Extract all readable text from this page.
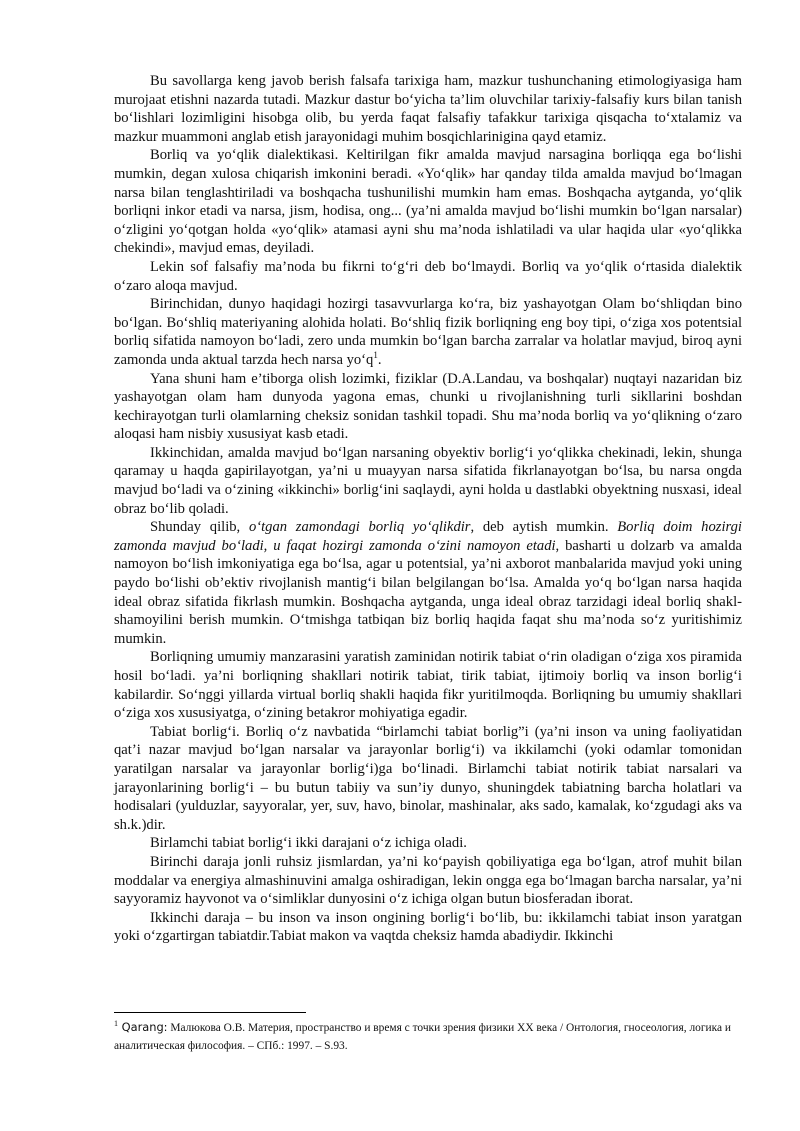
Bu savollarga keng javob berish falsafa tarixiga ham, mazkur tushunchaning etimologiyasiga ham murojaat etishni nazarda tutadi. Mazkur dastur bo‘yicha ta’lim oluvchilar tarixiy-falsafiy kurs bilan tanish bo‘lishlari lozimligini hisobga olib, bu yerda faqat falsafiy tafakkur tarixiga qisqacha to‘xtalamiz va mazkur muammoni anglab etish jarayonidagi muhim bosqichlarinigina qayd etamiz.

Borliq va yo‘qlik dialektikasi. Keltirilgan fikr amalda mavjud narsagina borliqqa ega bo‘lishi mumkin, degan xulosa chiqarish imkonini beradi. «Yo‘qlik» har qanday tilda amalda mavjud bo‘lmagan narsa bilan tenglashtiriladi va boshqacha tushunilishi mumkin ham emas. Boshqacha aytganda, yo‘qlik borliqni inkor etadi va narsa, jism, hodisa, ong... (ya’ni amalda mavjud bo‘lishi mumkin bo‘lgan narsalar) o‘zligini yo‘qotgan holda «yo‘qlik» atamasi ayni shu ma’noda ishlatiladi va ular haqida ular «yo‘qlikka chekindi», mavjud emas, deyiladi.

Lekin sof falsafiy ma’noda bu fikrni to‘g‘ri deb bo‘lmaydi. Borliq va yo‘qlik o‘rtasida dialektik o‘zaro aloqa mavjud.

Birinchidan, dunyo haqidagi hozirgi tasavvurlarga ko‘ra, biz yashayotgan Olam bo‘shliqdan bino bo‘lgan. Bo‘shliq materiyaning alohida holati. Bo‘shliq fizik borliqning eng boy tipi, o‘ziga xos potentsial borliq sifatida namoyon bo‘ladi, zero unda mumkin bo‘lgan barcha zarralar va holatlar mavjud, biroq ayni zamonda unda aktual tarzda hech narsa $yo‘q^1$.

Yana shuni ham e’tiborga olish lozimki, fiziklar (D.A.Landau, va boshqalar) nuqtayi nazaridan biz yashayotgan olam ham dunyoda yagona emas, chunki u rivojlanishning turli sikllarini boshdan kechirayotgan turli olamlarning cheksiz sonidan tashkil topadi. Shu ma’noda borliq va yo‘qlikning o‘zaro aloqasi ham nisbiy xususiyat kasb etadi.

Ikkinchidan, amalda mavjud bo‘lgan narsaning obyektiv borlig‘i yo‘qlikka chekinadi, lekin, shunga qaramay u haqda gapirilayotgan, ya’ni u muayyan narsa sifatida fikrlanayotgan bo‘lsa, bu narsa ongda mavjud bo‘ladi va o‘zining «ikkinchi» borlig‘ini saqlaydi, ayni holda u dastlabki obyektning nusxasi, ideal obraz bo‘lib qoladi.

Shunday qilib, o‘tgan zamondagi borliq yo‘qlikdir, deb aytish mumkin. Borliq doim hozirgi zamonda mavjud bo‘ladi, u faqat hozirgi zamonda o‘zini namoyon etadi, basharti u dolzarb va amalda namoyon bo‘lish imkoniyatiga ega bo‘lsa, agar u potentsial, ya’ni axborot manbalarida mavjud yoki uning paydo bo‘lishi ob’ektiv rivojlanish mantig‘i bilan belgilangan bo‘lsa. Amalda yo‘q bo‘lgan narsa haqida ideal obraz sifatida fikrlash mumkin. Boshqacha aytganda, unga ideal obraz tarzidagi ideal borliq shakl-shamoyilini berish mumkin. O‘tmishga tatbiqan biz borliq haqida faqat shu ma’noda so‘z yuritishimiz mumkin.

Borliqning umumiy manzarasini yaratish zaminidan notirik tabiat o‘rin oladigan o‘ziga xos piramida hosil bo‘ladi. ya’ni borliqning shakllari notirik tabiat, tirik tabiat, ijtimoiy borliq va inson borlig‘i kabilardir. So‘nggi yillarda virtual borliq shakli haqida fikr yuritilmoqda. Borliqning bu umumiy shakllari o‘ziga xos xususiyatga, o‘zining betakror mohiyatiga egadir.

Tabiat borlig‘i. Borliq o‘z navbatida “birlamchi tabiat borlig”i (ya’ni inson va uning faoliyatidan qat’i nazar mavjud bo‘lgan narsalar va jarayonlar borlig‘i) va ikkilamchi (yoki odamlar tomonidan yaratilgan narsalar va jarayonlar borlig‘i)ga bo‘linadi. Birlamchi tabiat notirik tabiat narsalari va jarayonlarining borlig‘i – bu butun tabiiy va sun’iy dunyo, shuningdek tabiatning barcha holatlari va hodisalari (yulduzlar, sayyoralar, yer, suv, havo, binolar, mashinalar, aks sado, kamalak, ko‘zgudagi aks va sh.k.)dir.

Birlamchi tabiat borlig‘i ikki darajani o‘z ichiga oladi.

Birinchi daraja jonli ruhsiz jismlardan, ya’ni ko‘payish qobiliyatiga ega bo‘lgan, atrof muhit bilan moddalar va energiya almashinuvini amalga oshiradigan, lekin ongga ega bo‘lmagan barcha narsalar, ya’ni sayyoramiz hayvonot va o‘simliklar dunyosini o‘z ichiga olgan butun biosferadan iborat.

Ikkinchi daraja – bu inson va inson ongining borlig‘i bo‘lib, bu: ikkilamchi tabiat inson yaratgan yoki o‘zgartirgan tabiatdir.Tabiat makon va vaqtda cheksiz hamda abadiydir. Ikkinchi

$^1$ Qarang: Малюкова О.В. Материя, пространство и время с точки зрения физики XX века / Онтология, гносеология, логика и аналитическая философия. – СПб.: 1997. – S.93.
